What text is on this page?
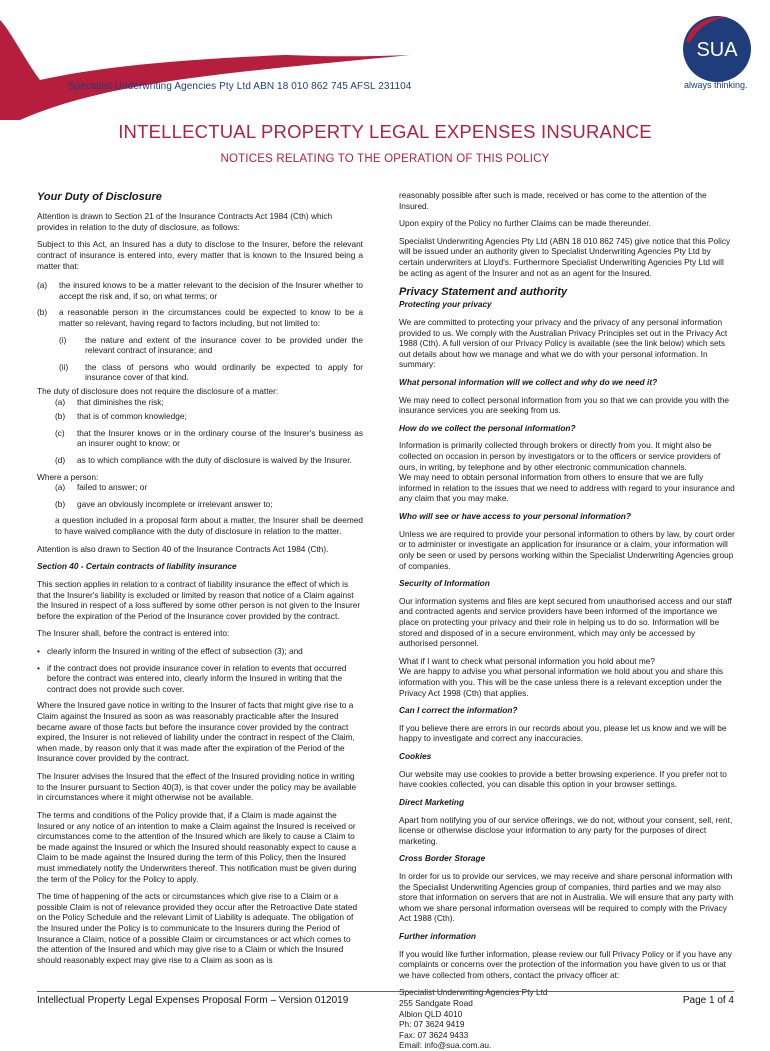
Specialist Underwriting Agencies Pty Ltd ABN 18 010 862 745 AFSL 231104
SUA
always thinking.
INTELLECTUAL PROPERTY LEGAL EXPENSES INSURANCE
NOTICES RELATING TO THE OPERATION OF THIS POLICY

Your Duty of Disclosure

Attention is drawn to Section 21 of the Insurance Contracts Act 1984 (Cth) which provides in relation to the duty of disclosure, as follows:

Subject to this Act, an Insured has a duty to disclose to the Insurer, before the relevant contract of insurance is entered into, every matter that is known to the Insured being a matter that:

(a)	the insured knows to be a matter relevant to the decision of the Insurer whether to accept the risk and, if so, on what terms; or
(b)	a reasonable person in the circumstances could be expected to know to be a matter so relevant, having regard to factors including, but not limited to:
(i)	the nature and extent of the insurance cover to be provided under the relevant contract of insurance; and
(ii)	the class of persons who would ordinarily be expected to apply for insurance cover of that kind.

The duty of disclosure does not require the disclosure of a matter:

(a)	that diminishes the risk;
(b)	that is of common knowledge;
(c)	that the Insurer knows or in the ordinary course of the Insurer's business as an insurer ought to know; or
(d)	as to which compliance with the duty of disclosure is waived by the Insurer.

Where a person:

(a)	failed to answer; or
(b)	gave an obviously incomplete or irrelevant answer to;

a question included in a proposal form about a matter, the Insurer shall be deemed to have waived compliance with the duty of disclosure in relation to the matter.

Attention is also drawn to Section 40 of the Insurance Contracts Act 1984 (Cth).

Section 40 - Certain contracts of liability insurance

This section applies in relation to a contract of liability insurance the effect of which is that the Insurer's liability is excluded or limited by reason that notice of a Claim against the Insured in respect of a loss suffered by some other person is not given to the Insurer before the expiration of the Period of the Insurance cover provided by the contract.

The Insurer shall, before the contract is entered into:

• clearly inform the Insured in writing of the effect of subsection (3); and
• if the contract does not provide insurance cover in relation to events that occurred before the contract was entered into, clearly inform the Insured in writing that the contract does not provide such cover.

Where the Insured gave notice in writing to the Insurer of facts that might give rise to a Claim against the Insured as soon as was reasonably practicable after the Insured became aware of those facts but before the insurance cover provided by the contract expired, the Insurer is not relieved of liability under the contract in respect of the Claim, when made, by reason only that it was made after the expiration of the Period of the Insurance cover provided by the contract.

The Insurer advises the Insured that the effect of the Insured providing notice in writing to the Insurer pursuant to Section 40(3), is that cover under the policy may be available in circumstances where it might otherwise not be available.

The terms and conditions of the Policy provide that, if a Claim is made against the Insured or any notice of an intention to make a Claim against the Insured is received or circumstances come to the attention of the Insured which are likely to cause a Claim to be made against the Insured or which the Insured should reasonably expect to cause a Claim to be made against the Insured during the term of this Policy, then the Insured must immediately notify the Underwriters thereof. This notification must be given during the term of the Policy for the Policy to apply.

The time of happening of the acts or circumstances which give rise to a Claim or a possible Claim is not of relevance provided they occur after the Retroactive Date stated on the Policy Schedule and the relevant Limit of Liability is adequate. The obligation of the Insured under the Policy is to communicate to the Insurers during the Period of Insurance a Claim, notice of a possible Claim or circumstances or act which comes to the attention of the Insured and which may give rise to a Claim or which the Insured should reasonably expect may give rise to a Claim as soon as is

reasonably possible after such is made, received or has come to the attention of the Insured.

Upon expiry of the Policy no further Claims can be made thereunder.

Specialist Underwriting Agencies Pty Ltd (ABN 18 010 862 745) give notice that this Policy will be issued under an authority given to Specialist Underwriting Agencies Pty Ltd by certain underwriters at Lloyd's. Furthermore Specialist Underwriting Agencies Pty Ltd will be acting as agent of the Insurer and not as an agent for the Insured.

Privacy Statement and authority

Protecting your privacy

We are committed to protecting your privacy and the privacy of any personal information provided to us. We comply with the Australian Privacy Principles set out in the Privacy Act 1988 (Cth). A full version of our Privacy Policy is available (see the link below) which sets out details about how we manage and what we do with your personal information. In summary:

What personal information will we collect and why do we need it?

We may need to collect personal information from you so that we can provide you with the insurance services you are seeking from us.

How do we collect the personal information?

Information is primarily collected through brokers or directly from you. It might also be collected on occasion in person by investigators or to the officers or service providers of ours, in writing, by telephone and by other electronic communication channels.

We may need to obtain personal information from others to ensure that we are fully informed in relation to the issues that we need to address with regard to your insurance and any claim that you may make.

Who will see or have access to your personal information?

Unless we are required to provide your personal information to others by law, by court order or to administer or investigate an application for insurance or a claim, your information will only be seen or used by persons working within the Specialist Underwriting Agencies group of companies.

Security of Information

Our information systems and files are kept secured from unauthorised access and our staff and contracted agents and service providers have been informed of the importance we place on protecting your privacy and their role in helping us to do so. Information will be stored and disposed of in a secure environment, which may only be accessed by authorised personnel.

What if I want to check what personal information you hold about me?

We are happy to advise you what personal information we hold about you and share this information with you. This will be the case unless there is a relevant exception under the Privacy Act 1998 (Cth) that applies.

Can I correct the information?

If you believe there are errors in our records about you, please let us know and we will be happy to investigate and correct any inaccuracies.

Cookies

Our website may use cookies to provide a better browsing experience. If you prefer not to have cookies collected, you can disable this option in your browser settings.

Direct Marketing

Apart from notifying you of our service offerings, we do not, without your consent, sell, rent, license or otherwise disclose your information to any party for the purposes of direct marketing.

Cross Border Storage

In order for us to provide our services, we may receive and share personal information with the Specialist Underwriting Agencies group of companies, third parties and we may also store that information on servers that are not in Australia. We will ensure that any party with whom we share personal information overseas will be required to comply with the Privacy Act 1988 (Cth).

Further information

If you would like further information, please review our full Privacy Policy or if you have any complaints or concerns over the protection of the information you have given to us or that we have collected from others, contact the privacy officer at:

Specialist Underwriting Agencies Pty Ltd

255 Sandgate Road

Albion QLD 4010

Ph: 07 3624 9419

Fax: 07 3624 9433

Email: info@sua.com.au.

Intellectual Property Legal Expenses Proposal Form – Version 012019	Page 1 of 4
